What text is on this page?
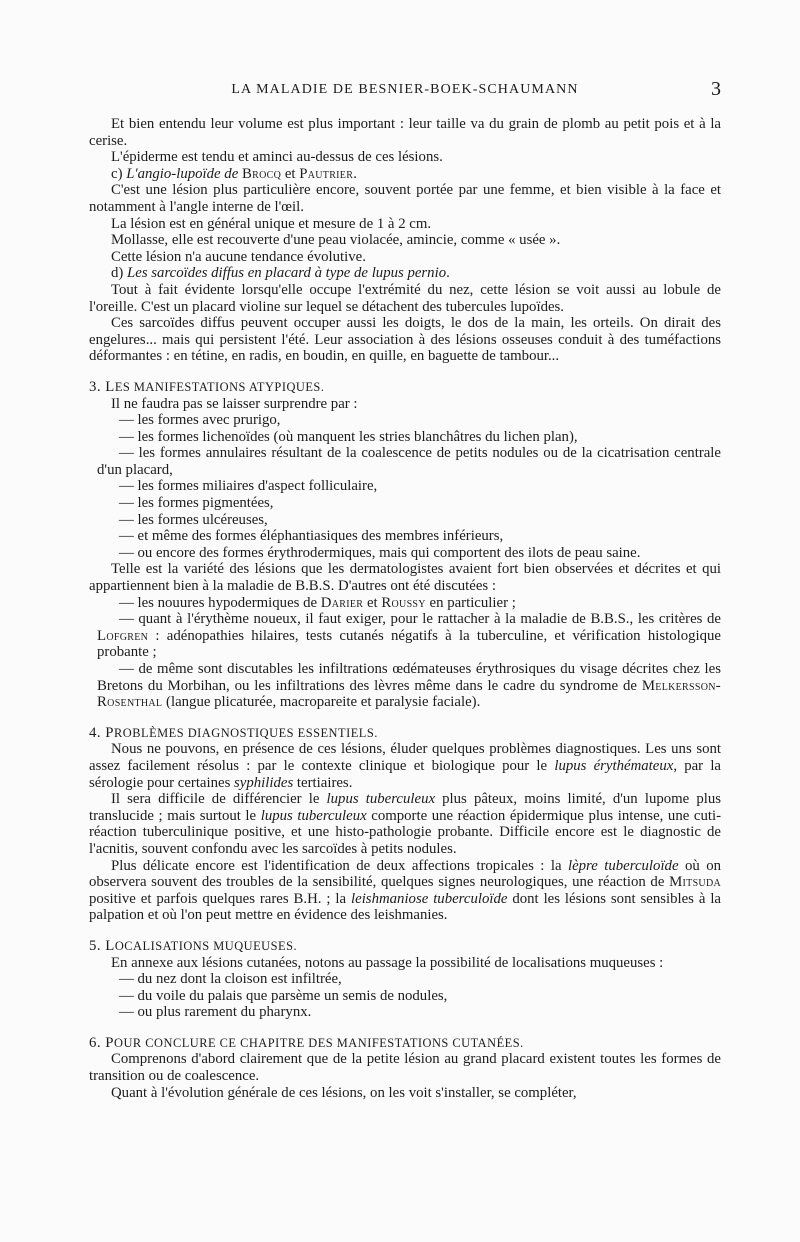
LA MALADIE DE BESNIER-BOEK-SCHAUMANN	3

Et bien entendu leur volume est plus important : leur taille va du grain de plomb au petit pois et à la cerise.

L'épiderme est tendu et aminci au-dessus de ces lésions.

c) L'angio-lupoïde de Brocq et Pautrier.

C'est une lésion plus particulière encore, souvent portée par une femme, et bien visible à la face et notamment à l'angle interne de l'œil.

La lésion est en général unique et mesure de 1 à 2 cm.

Mollasse, elle est recouverte d'une peau violacée, amincie, comme « usée ».

Cette lésion n'a aucune tendance évolutive.

d) Les sarcoïdes diffus en placard à type de lupus pernio.

Tout à fait évidente lorsqu'elle occupe l'extrémité du nez, cette lésion se voit aussi au lobule de l'oreille. C'est un placard violine sur lequel se détachent des tubercules lupoïdes.

Ces sarcoïdes diffus peuvent occuper aussi les doigts, le dos de la main, les orteils. On dirait des engelures... mais qui persistent l'été. Leur association à des lésions osseuses conduit à des tuméfactions déformantes : en tétine, en radis, en boudin, en quille, en baguette de tambour...

3. LES MANIFESTATIONS ATYPIQUES.

Il ne faudra pas se laisser surprendre par :

— les formes avec prurigo,

— les formes lichenoïdes (où manquent les stries blanchâtres du lichen plan),

— les formes annulaires résultant de la coalescence de petits nodules ou de la cicatrisation centrale d'un placard,

— les formes miliaires d'aspect folliculaire,

— les formes pigmentées,

— les formes ulcéreuses,

— et même des formes éléphantiasiques des membres inférieurs,

— ou encore des formes érythrodermiques, mais qui comportent des ilots de peau saine.

Telle est la variété des lésions que les dermatologistes avaient fort bien observées et décrites et qui appartiennent bien à la maladie de B.B.S. D'autres ont été discutées :

— les nouures hypodermiques de Darier et Roussy en particulier ;

— quant à l'érythème noueux, il faut exiger, pour le rattacher à la maladie de B.B.S., les critères de Lofgren : adénopathies hilaires, tests cutanés négatifs à la tuberculine, et vérification histologique probante ;

— de même sont discutables les infiltrations œdémateuses érythrosiques du visage décrites chez les Bretons du Morbihan, ou les infiltrations des lèvres même dans le cadre du syndrome de Melkersson-Rosenthal (langue plicaturée, macropareite et paralysie faciale).

4. PROBLÈMES DIAGNOSTIQUES ESSENTIELS.

Nous ne pouvons, en présence de ces lésions, éluder quelques problèmes diagnostiques. Les uns sont assez facilement résolus : par le contexte clinique et biologique pour le lupus érythémateux, par la sérologie pour certaines syphilides tertiaires.

Il sera difficile de différencier le lupus tuberculeux plus pâteux, moins limité, d'un lupome plus translucide ; mais surtout le lupus tuberculeux comporte une réaction épidermique plus intense, une cuti-réaction tuberculinique positive, et une histo-pathologie probante. Difficile encore est le diagnostic de l'acnitis, souvent confondu avec les sarcoïdes à petits nodules.

Plus délicate encore est l'identification de deux affections tropicales : la lèpre tuberculoïde où on observera souvent des troubles de la sensibilité, quelques signes neurologiques, une réaction de Mitsuda positive et parfois quelques rares B.H. ; la leishmaniose tuberculoïde dont les lésions sont sensibles à la palpation et où l'on peut mettre en évidence des leishmanies.

5. LOCALISATIONS MUQUEUSES.

En annexe aux lésions cutanées, notons au passage la possibilité de localisations muqueuses :

— du nez dont la cloison est infiltrée,

— du voile du palais que parsème un semis de nodules,

— ou plus rarement du pharynx.

6. POUR CONCLURE CE CHAPITRE DES MANIFESTATIONS CUTANÉES.

Comprenons d'abord clairement que de la petite lésion au grand placard existent toutes les formes de transition ou de coalescence.

Quant à l'évolution générale de ces lésions, on les voit s'installer, se compléter,
